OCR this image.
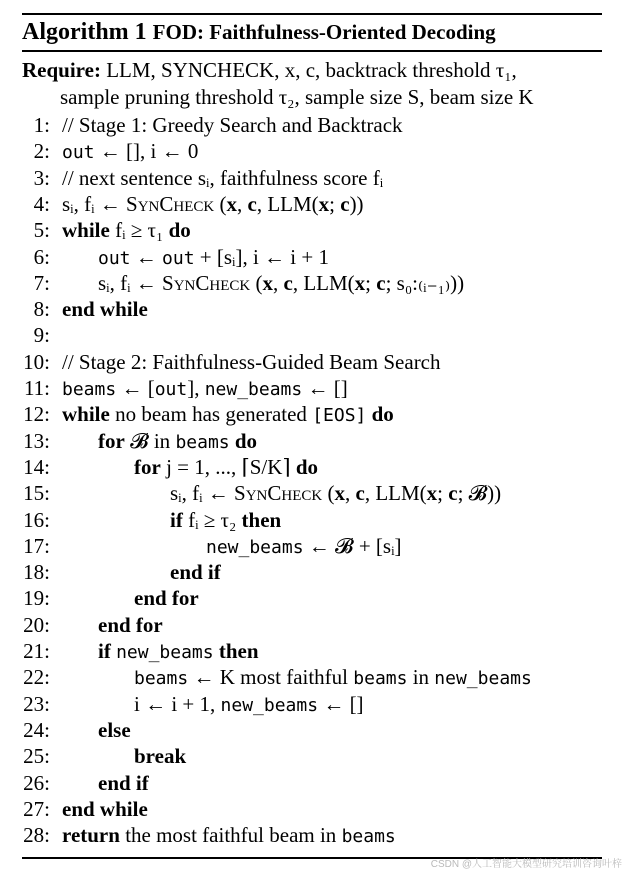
Algorithm 1 FOD: Faithfulness-Oriented Decoding
Require: LLM, SYNCHECK, x, c, backtrack threshold τ₁,
sample pruning threshold τ₂, sample size S, beam size K
1: // Stage 1: Greedy Search and Backtrack
2: out ← [], i ← 0
3: // next sentence sᵢ, faithfulness score fᵢ
4: sᵢ, fᵢ ← SynCheck (x, c, LLM(x; c))
5: while fᵢ ≥ τ₁ do
6:	out ← out + [sᵢ], i ← i + 1
7: sᵢ, fᵢ ← SynCheck (x, c, LLM(x; c; s₀:₍ᵢ₋₁₎))
8: end while
9:
10: // Stage 2: Faithfulness-Guided Beam Search
11: beams ← [out], new_beams ← []
12: while no beam has generated [EOS] do
13: for 𝓑 in beams do
14:	for j = 1, ..., ⌈S/K⌉ do
15:	sᵢ, fᵢ ← SynCheck (x, c, LLM(x; c; 𝓑))
16:	if fᵢ ≥ τ₂ then
17:	new_beams ← 𝓑 + [sᵢ]
18:	end if
19:	end for
20: end for
21: if new_beams then
22:	beams ← K most faithful beams in new_beams
23:	i ← i + 1, new_beams ← []
24: else
25:	break
26: end if
27: end while
28: return the most faithful beam in beams
CSDN @人工智能大模型研究培训咨询叶梓
